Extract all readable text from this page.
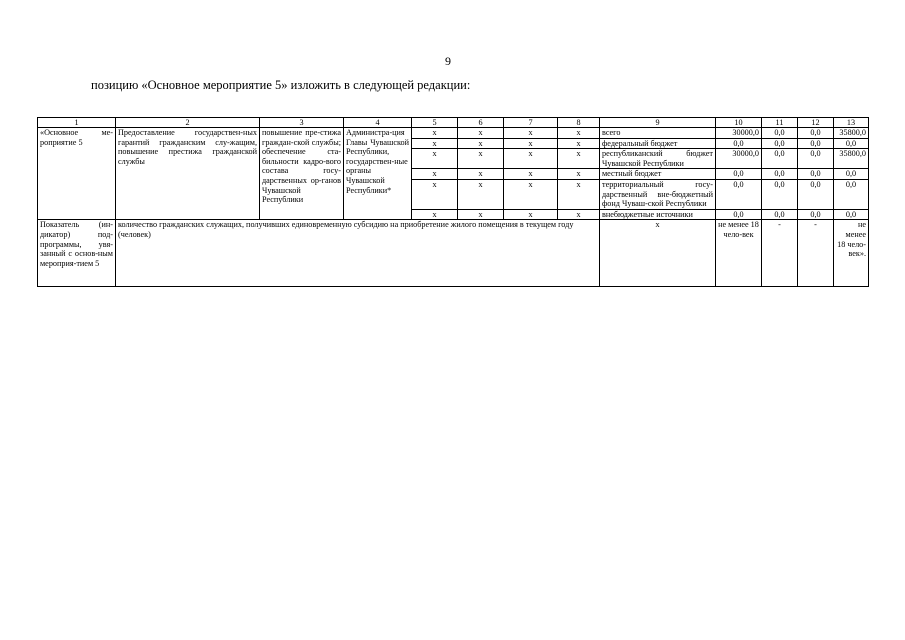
9
позицию «Основное мероприятие 5» изложить в следующей редакции:
1	2	3	4	5	6	7	8	9	10	11	12	13
«Основное ме-роприятие 5	Предоставление государствен-ных гарантий гражданским слу-жащим, повышение престижа гражданской службы	повышение пре-стижа граждан-ской службы; обеспечение ста-бильности кадро-вого состава госу-дарственных ор-ганов Чувашской Республики	Администра-ция Главы Чувашской Республики, государствен-ные органы Чувашской Республики*	x	x	x	x	всего	30000,0	0,0	0,0	35800,0
				x	x	x	x	федеральный бюджет	0,0	0,0	0,0	0,0
				x	x	x	x	республиканский бюджет Чувашской Республики	30000,0	0,0	0,0	35800,0
				x	x	x	x	местный бюджет	0,0	0,0	0,0	0,0
				x	x	x	x	территориальный госу-дарственный вне-бюджетный фонд Чуваш-ской Республики	0,0	0,0	0,0	0,0
				x	x	x	x	внебюджетные источники	0,0	0,0	0,0	0,0
Показатель (ин-дикатор) под-программы, увя-занный с основ-ным мероприя-тием 5	количество гражданских служащих, получивших единовременную субсидию на приобретение жилого помещения в текущем году (человек)							x	не менее 18 чело-век	-	-	не менее 18 чело-век».
